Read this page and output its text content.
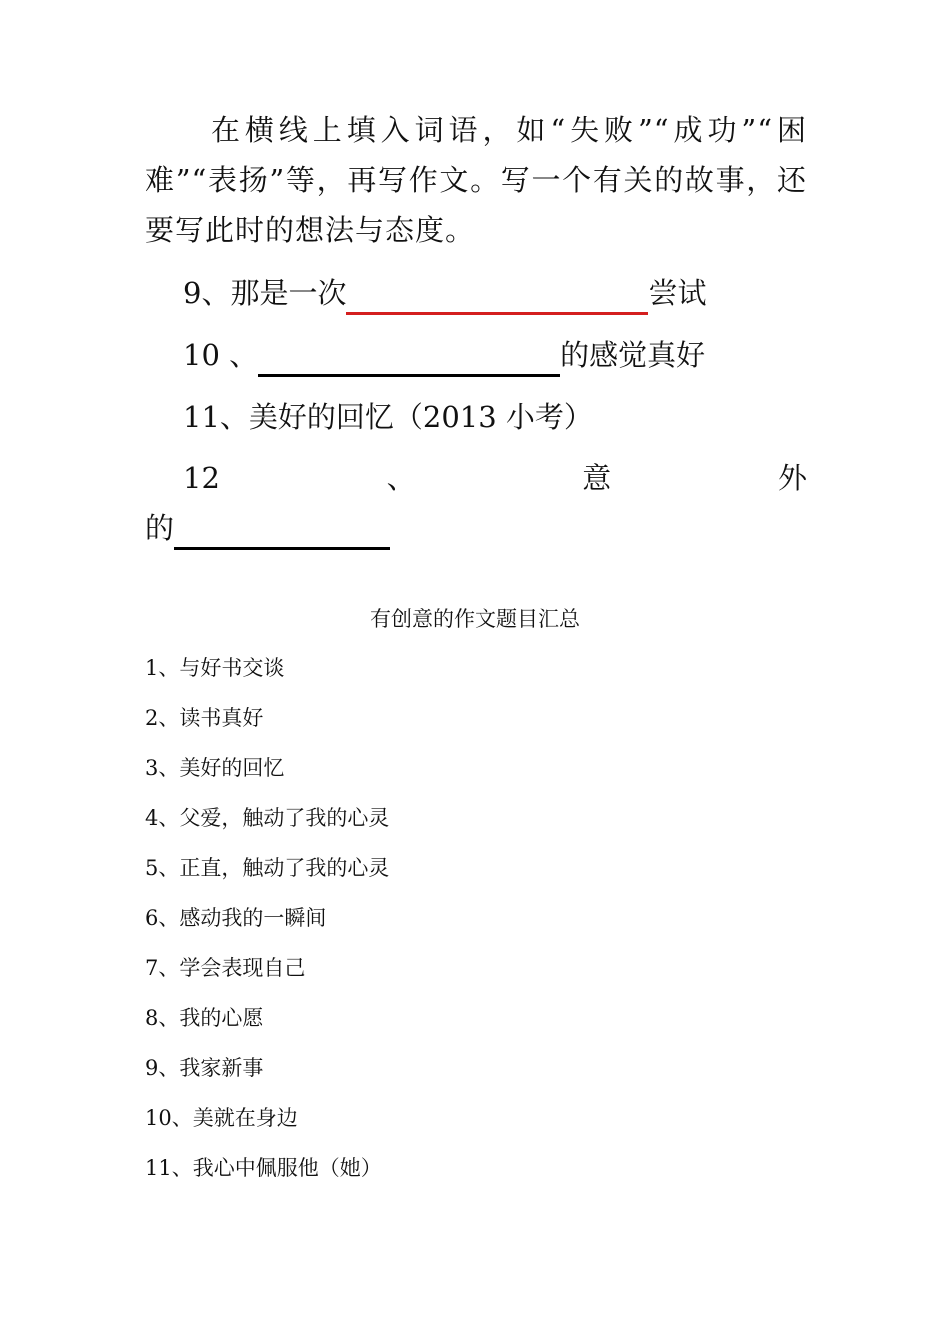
在横线上填入词语，如“失败”“成功”“困难”“表扬”等，再写作文。写一个有关的故事，还要写此时的想法与态度。

9、那是一次	尝试
10 、	的感觉真好
11、美好的回忆（2013 小考）
12	、	意	外
的
有创意的作文题目汇总
1、与好书交谈
2、读书真好
3、美好的回忆
4、父爱，触动了我的心灵
5、正直，触动了我的心灵
6、感动我的一瞬间
7、学会表现自己
8、我的心愿
9、我家新事
10、美就在身边
11、我心中佩服他（她）
